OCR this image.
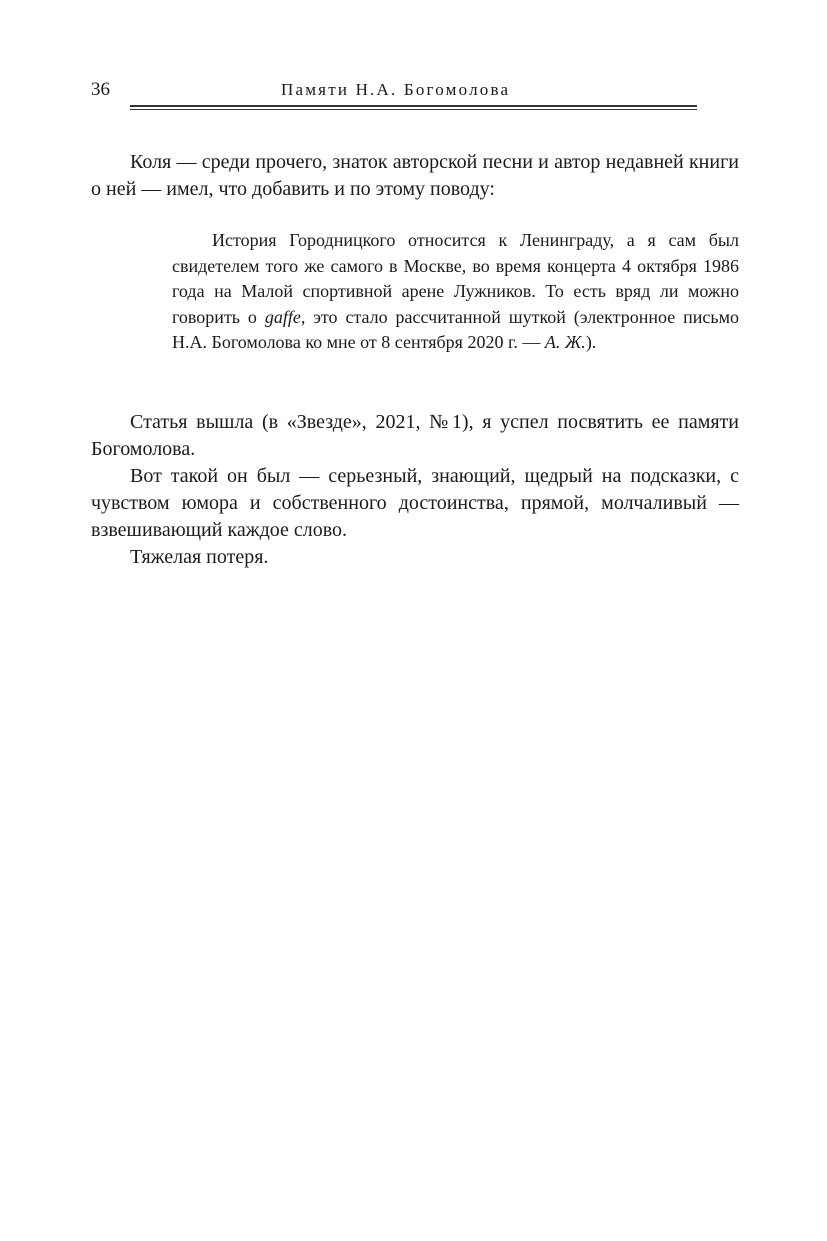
36	Памяти Н.А. Богомолова

Коля — среди прочего, знаток авторской песни и автор недавней книги о ней — имел, что добавить и по этому поводу:

История Городницкого относится к Ленинграду, а я сам был свидетелем того же самого в Москве, во время концерта 4 октября 1986 года на Малой спортивной арене Лужников. То есть вряд ли можно говорить о gaffe, это стало рассчитанной шуткой (электронное письмо Н.А. Богомолова ко мне от 8 сентября 2020 г. — А. Ж.).

Статья вышла (в «Звезде», 2021, №1), я успел посвятить ее памяти Богомолова.

Вот такой он был — серьезный, знающий, щедрый на подсказки, с чувством юмора и собственного достоинства, прямой, молчаливый — взвешивающий каждое слово.

Тяжелая потеря.
